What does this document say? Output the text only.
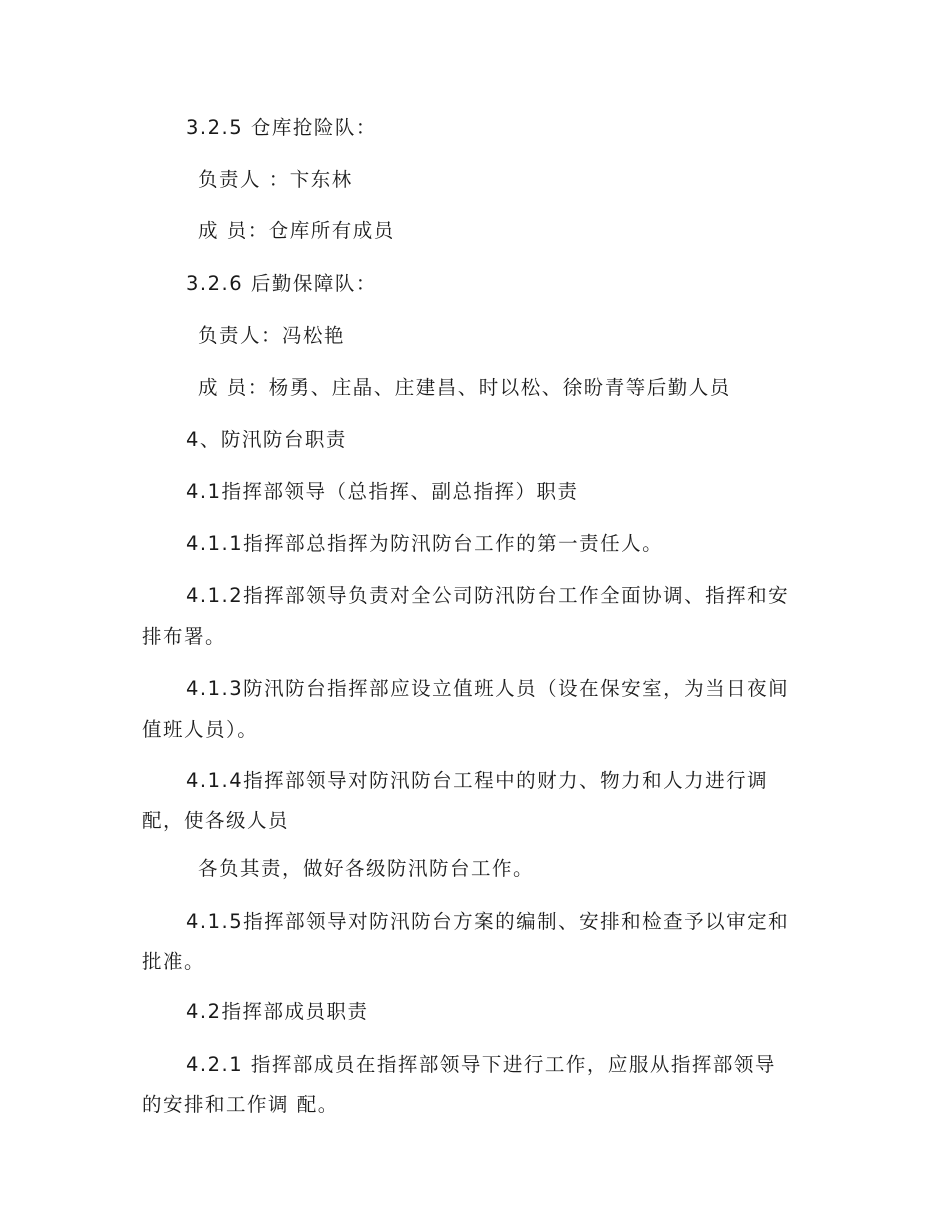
3.2.5 仓库抢险队：
负责人 ：卞东林
成 员：仓库所有成员
3.2.6 后勤保障队：
负责人：冯松艳
成 员：杨勇、庄晶、庄建昌、时以松、徐昐青等后勤人员
4、防汛防台职责
4.1指挥部领导（总指挥、副总指挥）职责
4.1.1指挥部总指挥为防汛防台工作的第一责任人。
4.1.2指挥部领导负责对全公司防汛防台工作全面协调、指挥和安
排布署。
4.1.3防汛防台指挥部应设立值班人员（设在保安室，为当日夜间
值班人员）。
4.1.4指挥部领导对防汛防台工程中的财力、物力和人力进行调
配，使各级人员
各负其责，做好各级防汛防台工作。
4.1.5指挥部领导对防汛防台方案的编制、安排和检查予以审定和
批准。
4.2指挥部成员职责
4.2.1 指挥部成员在指挥部领导下进行工作，应服从指挥部领导
的安排和工作调 配。
